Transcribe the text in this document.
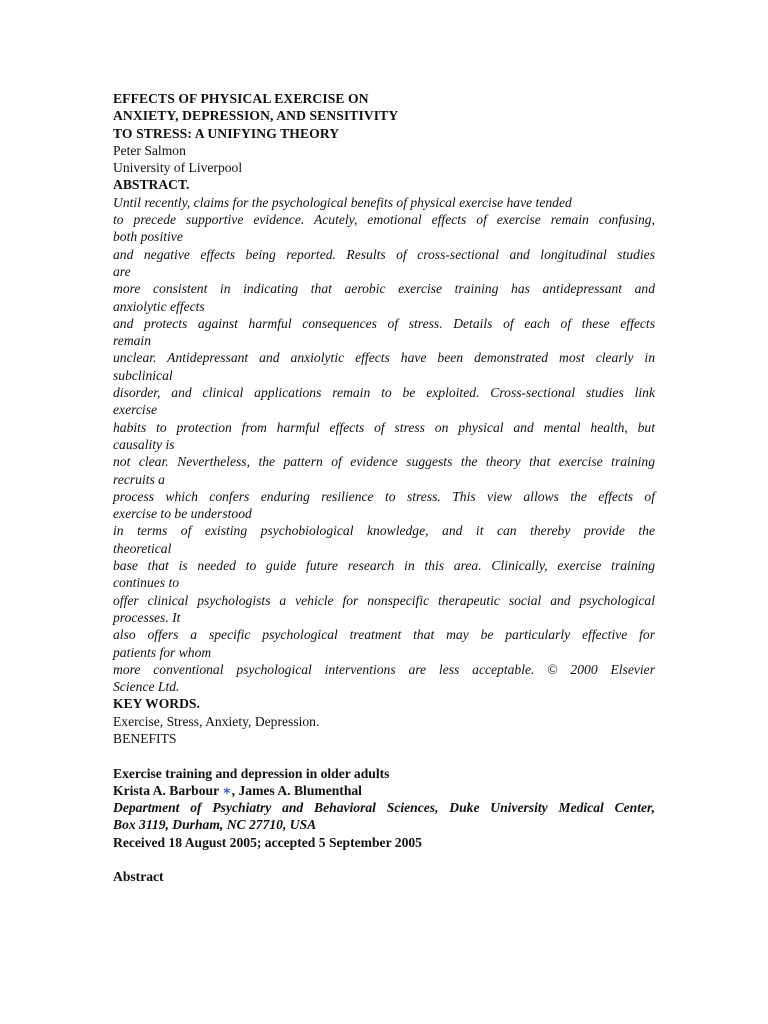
EFFECTS OF PHYSICAL EXERCISE ON
ANXIETY, DEPRESSION, AND SENSITIVITY
TO STRESS: A UNIFYING THEORY
Peter Salmon
University of Liverpool
ABSTRACT.
Until recently, claims for the psychological benefits of physical exercise have tended
to precede supportive evidence. Acutely, emotional effects of exercise remain confusing,
both positive
and negative effects being reported. Results of cross-sectional and longitudinal studies
are
more consistent in indicating that aerobic exercise training has antidepressant and
anxiolytic effects
and protects against harmful consequences of stress. Details of each of these effects
remain
unclear. Antidepressant and anxiolytic effects have been demonstrated most clearly in
subclinical
disorder, and clinical applications remain to be exploited. Cross-sectional studies link
exercise
habits to protection from harmful effects of stress on physical and mental health, but
causality is
not clear. Nevertheless, the pattern of evidence suggests the theory that exercise training
recruits a
process which confers enduring resilience to stress. This view allows the effects of
exercise to be understood
in terms of existing psychobiological knowledge, and it can thereby provide the
theoretical
base that is needed to guide future research in this area. Clinically, exercise training
continues to
offer clinical psychologists a vehicle for nonspecific therapeutic social and psychological
processes. It
also offers a specific psychological treatment that may be particularly effective for
patients for whom
more conventional psychological interventions are less acceptable. © 2000 Elsevier
Science Ltd.
KEY WORDS.
Exercise, Stress, Anxiety, Depression.
BENEFITS
Exercise training and depression in older adults
Krista A. Barbour ∗, James A. Blumenthal
Department of Psychiatry and Behavioral Sciences, Duke University Medical Center,
Box 3119, Durham, NC 27710, USA
Received 18 August 2005; accepted 5 September 2005
Abstract
